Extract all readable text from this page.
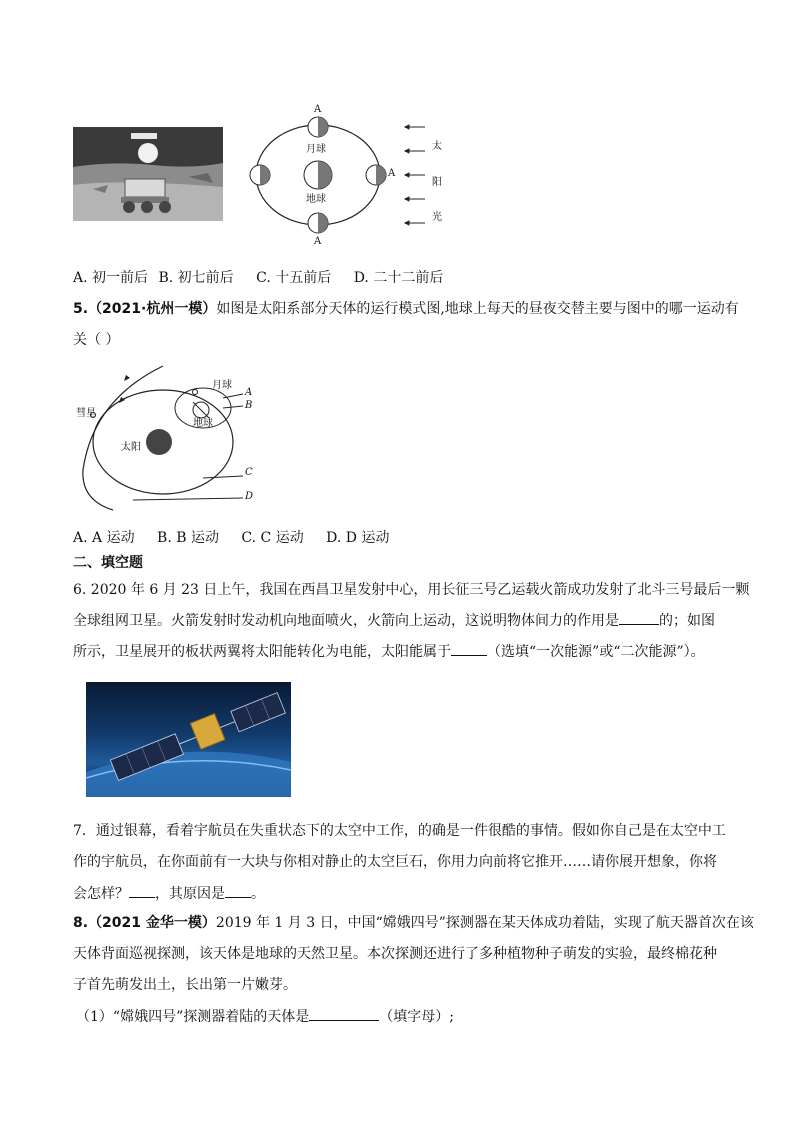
A
月球
地球
A
A
太
阳
光
A. 初一前后 B. 初七前后 C. 十五前后 D. 二十二前后
5.（2021·杭州一模）如图是太阳系部分天体的运行模式图,地球上每天的昼夜交替主要与图中的哪一运动有
关（ ）
彗星
太阳
月球
地球
A
B
C
D
A. A 运动 B. B 运动 C. C 运动 D. D 运动
二、填空题
6. 2020 年 6 月 23 日上午，我国在西昌卫星发射中心，用长征三号乙运载火箭成功发射了北斗三号最后一颗
全球组网卫星。火箭发射时发动机向地面喷火，火箭向上运动，这说明物体间力的作用是	的；如图
所示，卫星展开的板状两翼将太阳能转化为电能，太阳能属于	（选填“一次能源”或“二次能源”）。
7．通过银幕，看着宇航员在失重状态下的太空中工作，的确是一件很酷的事情。假如你自己是在太空中工
作的宇航员，在你面前有一大块与你相对静止的太空巨石，你用力向前将它推开……请你展开想象，你将
会怎样？ ，其原因是 。
8.（2021 金华一模）2019 年 1 月 3 日，中国“嫦娥四号”探测器在某天体成功着陆，实现了航天器首次在该
天体背面巡视探测，该天体是地球的天然卫星。本次探测还进行了多种植物种子萌发的实验，最终棉花种
子首先萌发出土，长出第一片嫩芽。
（1）“嫦娥四号”探测器着陆的天体是	（填字母）;
